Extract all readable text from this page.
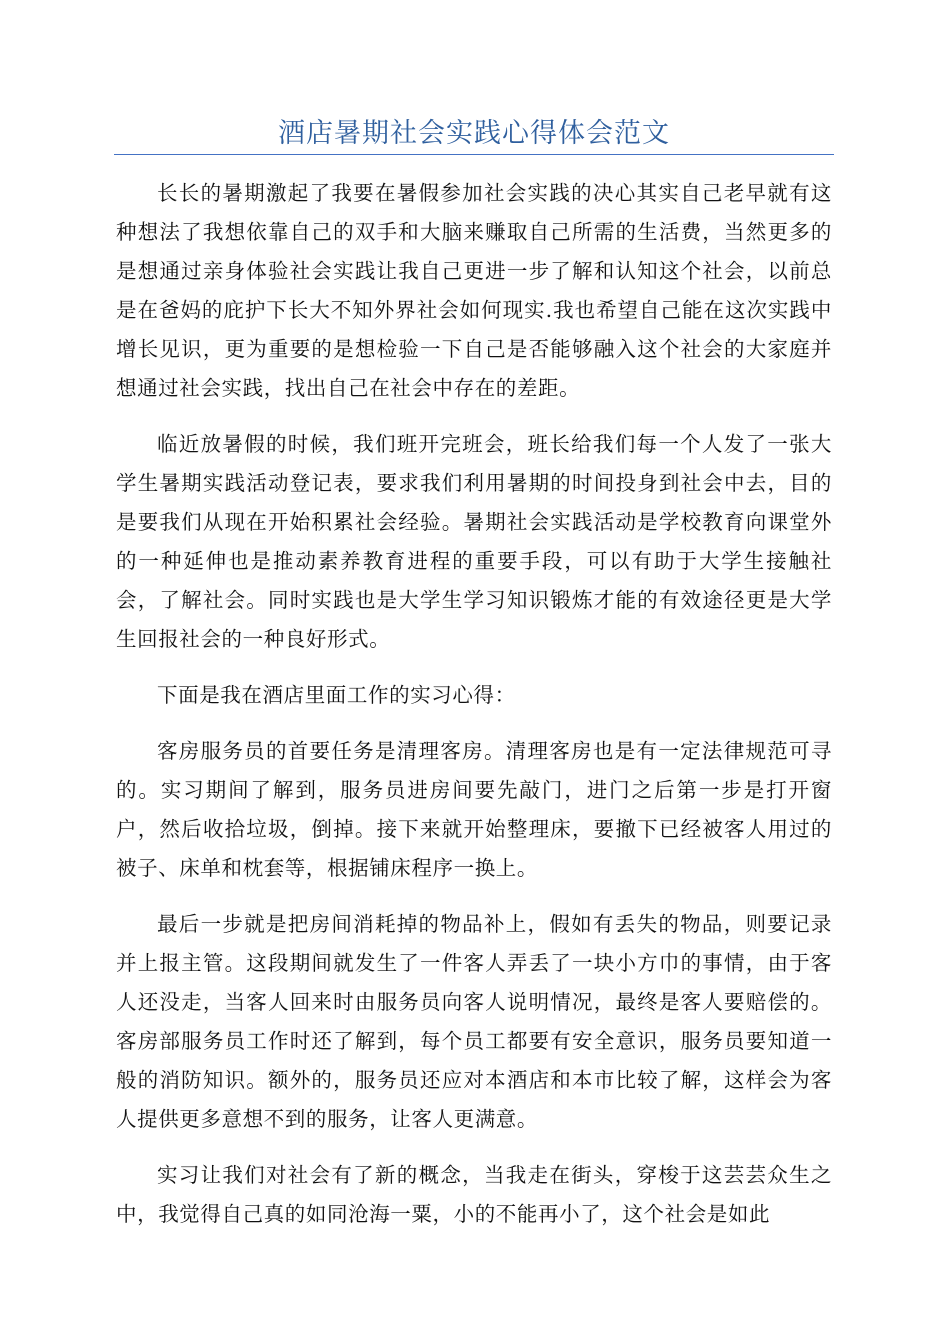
酒店暑期社会实践心得体会范文

长长的暑期激起了我要在暑假参加社会实践的决心其实自己老早就有这种想法了我想依靠自己的双手和大脑来赚取自己所需的生活费，当然更多的是想通过亲身体验社会实践让我自己更进一步了解和认知这个社会，以前总是在爸妈的庇护下长大不知外界社会如何现实.我也希望自己能在这次实践中增长见识，更为重要的是想检验一下自己是否能够融入这个社会的大家庭并想通过社会实践，找出自己在社会中存在的差距。

临近放暑假的时候，我们班开完班会，班长给我们每一个人发了一张大学生暑期实践活动登记表，要求我们利用暑期的时间投身到社会中去，目的是要我们从现在开始积累社会经验。暑期社会实践活动是学校教育向课堂外的一种延伸也是推动素养教育进程的重要手段，可以有助于大学生接触社会，了解社会。同时实践也是大学生学习知识锻炼才能的有效途径更是大学生回报社会的一种良好形式。

下面是我在酒店里面工作的实习心得：

客房服务员的首要任务是清理客房。清理客房也是有一定法律规范可寻的。实习期间了解到，服务员进房间要先敲门，进门之后第一步是打开窗户，然后收拾垃圾，倒掉。接下来就开始整理床，要撤下已经被客人用过的被子、床单和枕套等，根据铺床程序一换上。

最后一步就是把房间消耗掉的物品补上，假如有丢失的物品，则要记录并上报主管。这段期间就发生了一件客人弄丢了一块小方巾的事情，由于客人还没走，当客人回来时由服务员向客人说明情况，最终是客人要赔偿的。客房部服务员工作时还了解到，每个员工都要有安全意识，服务员要知道一般的消防知识。额外的，服务员还应对本酒店和本市比较了解，这样会为客人提供更多意想不到的服务，让客人更满意。

实习让我们对社会有了新的概念，当我走在街头，穿梭于这芸芸众生之中，我觉得自己真的如同沧海一粟，小的不能再小了，这个社会是如此
